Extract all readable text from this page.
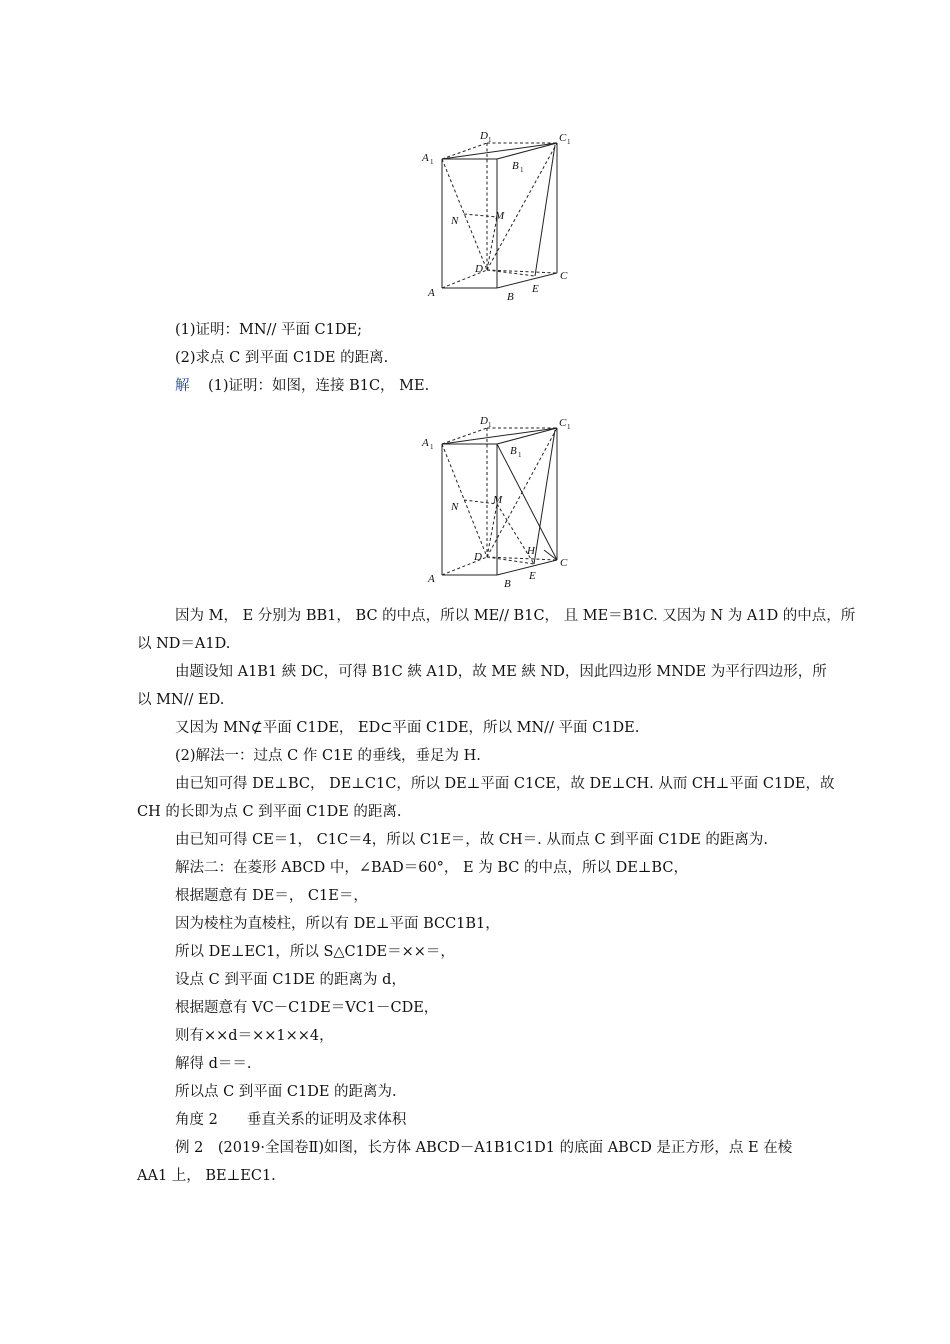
A 1
D 1	C 1
B 1
N	M
D
A	B
E
C
(1)证明：MN// 平面 C1DE;
(2)求点 C 到平面 C1DE 的距离.
解 (1)证明：如图，连接 B1C， ME.
A 1
D 1	C 1
B 1
N
M
D
A	B
E
H
C
因为 M， E 分别为 BB1， BC 的中点，所以 ME// B1C， 且 ME＝B1C. 又因为 N 为 A1D 的中点，所
以 ND＝A1D.
由题设知 A1B1 綊 DC，可得 B1C 綊 A1D，故 ME 綊 ND，因此四边形 MNDE 为平行四边形，所
以 MN// ED.
又因为 MN⊄平面 C1DE， ED⊂平面 C1DE，所以 MN// 平面 C1DE.
(2)解法一：过点 C 作 C1E 的垂线，垂足为 H.
由已知可得 DE⊥BC， DE⊥C1C，所以 DE⊥平面 C1CE，故 DE⊥CH. 从而 CH⊥平面 C1DE，故
CH 的长即为点 C 到平面 C1DE 的距离.
由已知可得 CE＝1， C1C＝4，所以 C1E＝，故 CH＝. 从而点 C 到平面 C1DE 的距离为.
解法二：在菱形 ABCD 中，∠BAD＝60°， E 为 BC 的中点，所以 DE⊥BC，
根据题意有 DE＝， C1E＝，
因为棱柱为直棱柱，所以有 DE⊥平面 BCC1B1，
所以 DE⊥EC1，所以 S△C1DE＝××＝，
设点 C 到平面 C1DE 的距离为 d，
根据题意有 VC－C1DE＝VC1－CDE，
则有××d＝××1××4，
解得 d＝＝.
所以点 C 到平面 C1DE 的距离为.
角度 2　　垂直关系的证明及求体积
例 2　(2019·全国卷Ⅱ)如图，长方体 ABCD－A1B1C1D1 的底面 ABCD 是正方形，点 E 在棱
AA1 上， BE⊥EC1.
